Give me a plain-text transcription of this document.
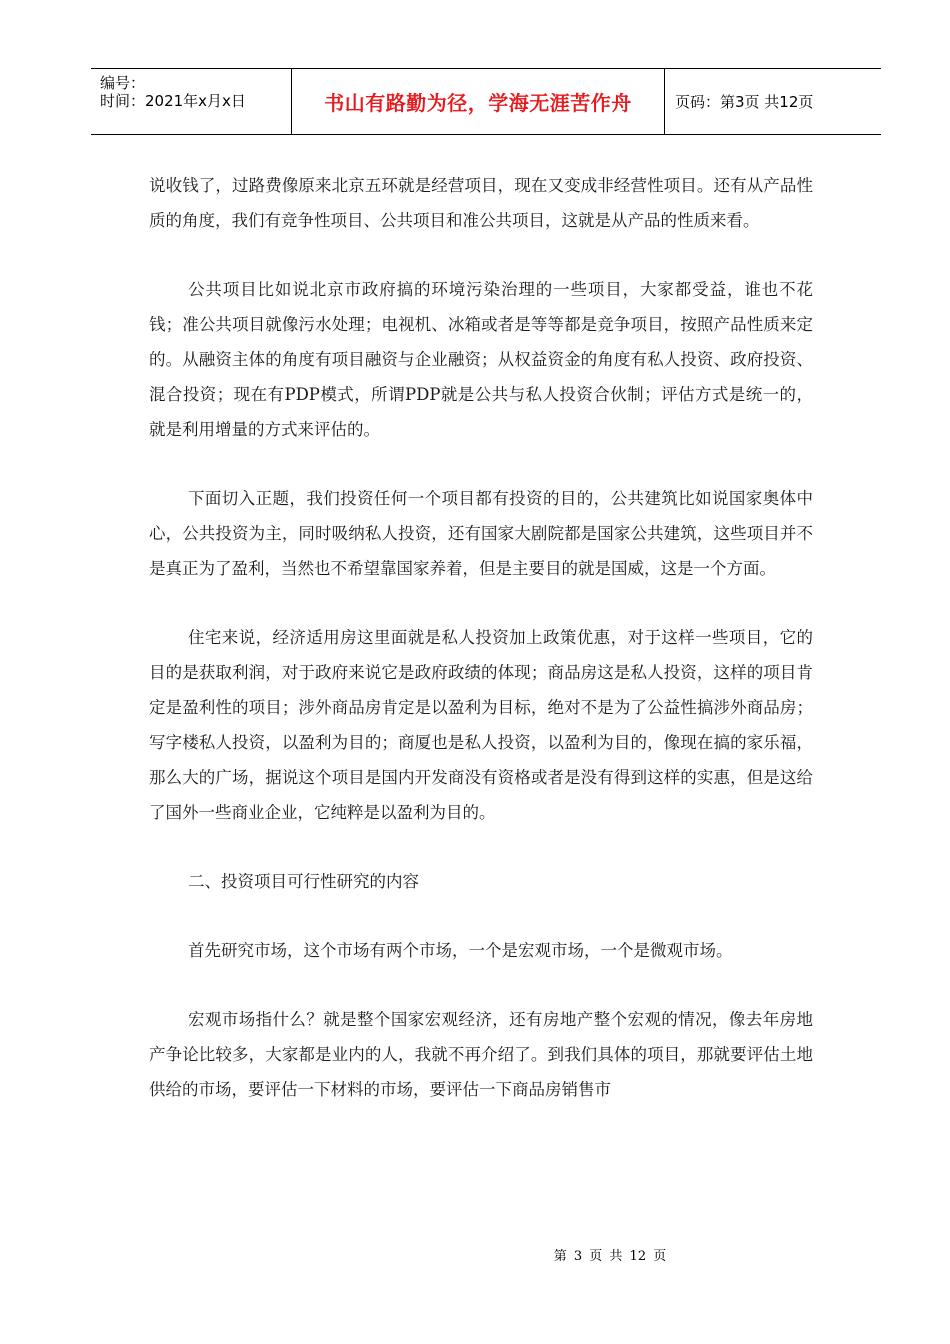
编号：
时间：2021年x月x日	书山有路勤为径，学海无涯苦作舟	页码：第3页 共12页

说收钱了，过路费像原来北京五环就是经营项目，现在又变成非经营性项目。还有从产品性质的角度，我们有竞争性项目、公共项目和准公共项目，这就是从产品的性质来看。

公共项目比如说北京市政府搞的环境污染治理的一些项目，大家都受益，谁也不花钱；准公共项目就像污水处理；电视机、冰箱或者是等等都是竞争项目，按照产品性质来定的。从融资主体的角度有项目融资与企业融资；从权益资金的角度有私人投资、政府投资、混合投资；现在有PDP模式，所谓PDP就是公共与私人投资合伙制；评估方式是统一的，就是利用增量的方式来评估的。

下面切入正题，我们投资任何一个项目都有投资的目的，公共建筑比如说国家奥体中心，公共投资为主，同时吸纳私人投资，还有国家大剧院都是国家公共建筑，这些项目并不是真正为了盈利，当然也不希望靠国家养着，但是主要目的就是国威，这是一个方面。

住宅来说，经济适用房这里面就是私人投资加上政策优惠，对于这样一些项目，它的目的是获取利润，对于政府来说它是政府政绩的体现；商品房这是私人投资，这样的项目肯定是盈利性的项目；涉外商品房肯定是以盈利为目标，绝对不是为了公益性搞涉外商品房；写字楼私人投资，以盈利为目的；商厦也是私人投资，以盈利为目的，像现在搞的家乐福，那么大的广场，据说这个项目是国内开发商没有资格或者是没有得到这样的实惠，但是这给了国外一些商业企业，它纯粹是以盈利为目的。

二、投资项目可行性研究的内容

首先研究市场，这个市场有两个市场，一个是宏观市场，一个是微观市场。

宏观市场指什么？就是整个国家宏观经济，还有房地产整个宏观的情况，像去年房地产争论比较多，大家都是业内的人，我就不再介绍了。到我们具体的项目，那就要评估土地供给的市场，要评估一下材料的市场，要评估一下商品房销售市

第 3 页 共 12 页
